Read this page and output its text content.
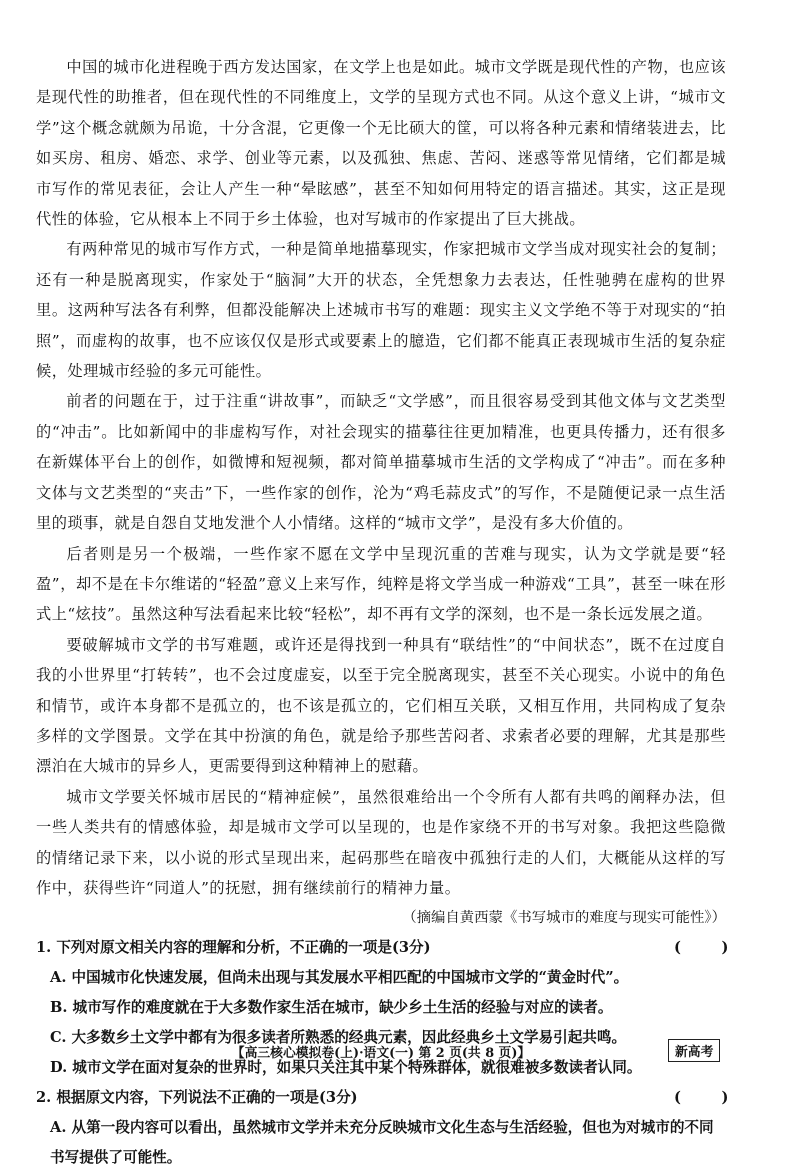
中国的城市化进程晚于西方发达国家，在文学上也是如此。城市文学既是现代性的产物，也应该是现代性的助推者，但在现代性的不同维度上，文学的呈现方式也不同。从这个意义上讲，“城市文学”这个概念就颇为吊诡，十分含混，它更像一个无比硕大的筐，可以将各种元素和情绪装进去，比如买房、租房、婚恋、求学、创业等元素，以及孤独、焦虑、苦闷、迷惑等常见情绪，它们都是城市写作的常见表征，会让人产生一种“晕眩感”，甚至不知如何用特定的语言描述。其实，这正是现代性的体验，它从根本上不同于乡土体验，也对写城市的作家提出了巨大挑战。

有两种常见的城市写作方式，一种是简单地描摹现实，作家把城市文学当成对现实社会的复制；还有一种是脱离现实，作家处于“脑洞”大开的状态，全凭想象力去表达，任性驰骋在虚构的世界里。这两种写法各有利弊，但都没能解决上述城市书写的难题：现实主义文学绝不等于对现实的“拍照”，而虚构的故事，也不应该仅仅是形式或要素上的臆造，它们都不能真正表现城市生活的复杂症候，处理城市经验的多元可能性。

前者的问题在于，过于注重“讲故事”，而缺乏“文学感”，而且很容易受到其他文体与文艺类型的“冲击”。比如新闻中的非虚构写作，对社会现实的描摹往往更加精准，也更具传播力，还有很多在新媒体平台上的创作，如微博和短视频，都对简单描摹城市生活的文学构成了“冲击”。而在多种文体与文艺类型的“夹击”下，一些作家的创作，沦为“鸡毛蒜皮式”的写作，不是随便记录一点生活里的琐事，就是自怨自艾地发泄个人小情绪。这样的“城市文学”，是没有多大价值的。

后者则是另一个极端，一些作家不愿在文学中呈现沉重的苦难与现实，认为文学就是要“轻盈”，却不是在卡尔维诺的“轻盈”意义上来写作，纯粹是将文学当成一种游戏“工具”，甚至一味在形式上“炫技”。虽然这种写法看起来比较“轻松”，却不再有文学的深刻，也不是一条长远发展之道。

要破解城市文学的书写难题，或许还是得找到一种具有“联结性”的“中间状态”，既不在过度自我的小世界里“打转转”，也不会过度虚妄，以至于完全脱离现实，甚至不关心现实。小说中的角色和情节，或许本身都不是孤立的，也不该是孤立的，它们相互关联，又相互作用，共同构成了复杂多样的文学图景。文学在其中扮演的角色，就是给予那些苦闷者、求索者必要的理解，尤其是那些漂泊在大城市的异乡人，更需要得到这种精神上的慰藉。

城市文学要关怀城市居民的“精神症候”，虽然很难给出一个令所有人都有共鸣的阐释办法，但一些人类共有的情感体验，却是城市文学可以呈现的，也是作家绕不开的书写对象。我把这些隐微的情绪记录下来，以小说的形式呈现出来，起码那些在暗夜中孤独行走的人们，大概能从这样的写作中，获得些许“同道人”的抚慰，拥有继续前行的精神力量。

（摘编自黄西蒙《书写城市的难度与现实可能性》）

1. 下列对原文相关内容的理解和分析，不正确的一项是(3分)	(        )

A. 中国城市化快速发展，但尚未出现与其发展水平相匹配的中国城市文学的“黄金时代”。

B. 城市写作的难度就在于大多数作家生活在城市，缺少乡土生活的经验与对应的读者。

C. 大多数乡土文学中都有为很多读者所熟悉的经典元素，因此经典乡土文学易引起共鸣。

D. 城市文学在面对复杂的世界时，如果只关注其中某个特殊群体，就很难被多数读者认同。

2. 根据原文内容，下列说法不正确的一项是(3分)	(        )

A. 从第一段内容可以看出，虽然城市文学并未充分反映城市文化生态与生活经验，但也为对城市的不同书写提供了可能性。

【高三核心模拟卷(上)·语文(一) 第 2 页(共 8 页)】	新高考
